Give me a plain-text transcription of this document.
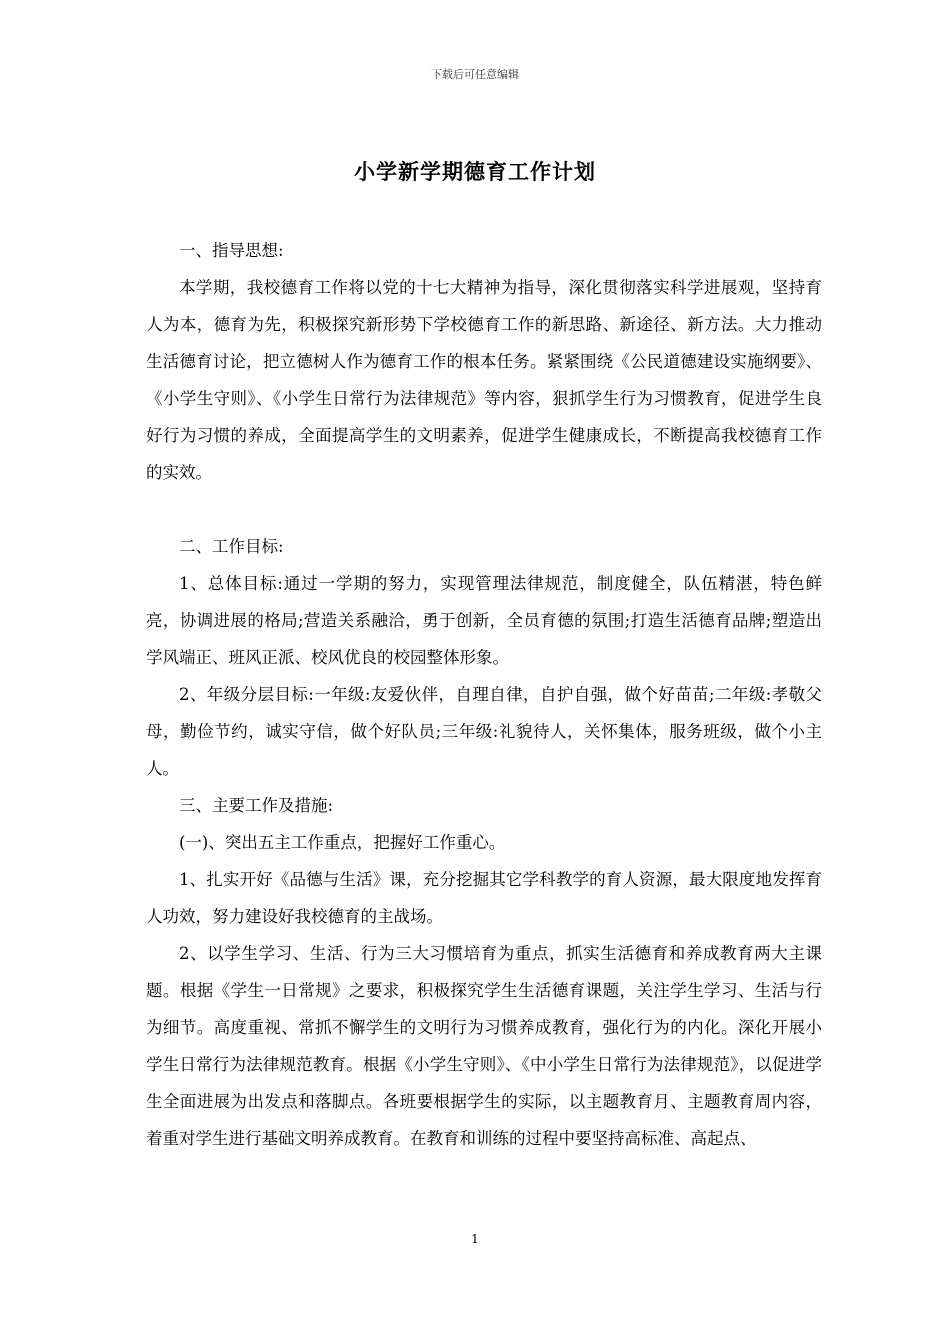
下载后可任意编辑
小学新学期德育工作计划

一、指导思想:

本学期，我校德育工作将以党的十七大精神为指导，深化贯彻落实科学进展观，坚持育人为本，德育为先，积极探究新形势下学校德育工作的新思路、新途径、新方法。大力推动生活德育讨论，把立德树人作为德育工作的根本任务。紧紧围绕《公民道德建设实施纲要》、《小学生守则》、《小学生日常行为法律规范》等内容，狠抓学生行为习惯教育，促进学生良好行为习惯的养成，全面提高学生的文明素养，促进学生健康成长，不断提高我校德育工作的实效。

二、工作目标:

1、总体目标:通过一学期的努力，实现管理法律规范，制度健全，队伍精湛，特色鲜亮，协调进展的格局;营造关系融洽，勇于创新，全员育德的氛围;打造生活德育品牌;塑造出学风端正、班风正派、校风优良的校园整体形象。

2、年级分层目标:一年级:友爱伙伴，自理自律，自护自强，做个好苗苗;二年级:孝敬父母，勤俭节约，诚实守信，做个好队员;三年级:礼貌待人，关怀集体，服务班级，做个小主人。

三、主要工作及措施:

(一)、突出五主工作重点，把握好工作重心。

1、扎实开好《品德与生活》课，充分挖掘其它学科教学的育人资源，最大限度地发挥育人功效，努力建设好我校德育的主战场。

2、以学生学习、生活、行为三大习惯培育为重点，抓实生活德育和养成教育两大主课题。根据《学生一日常规》之要求，积极探究学生生活德育课题，关注学生学习、生活与行为细节。高度重视、常抓不懈学生的文明行为习惯养成教育，强化行为的内化。深化开展小学生日常行为法律规范教育。根据《小学生守则》、《中小学生日常行为法律规范》，以促进学生全面进展为出发点和落脚点。各班要根据学生的实际，以主题教育月、主题教育周内容，着重对学生进行基础文明养成教育。在教育和训练的过程中要坚持高标准、高起点、

1
